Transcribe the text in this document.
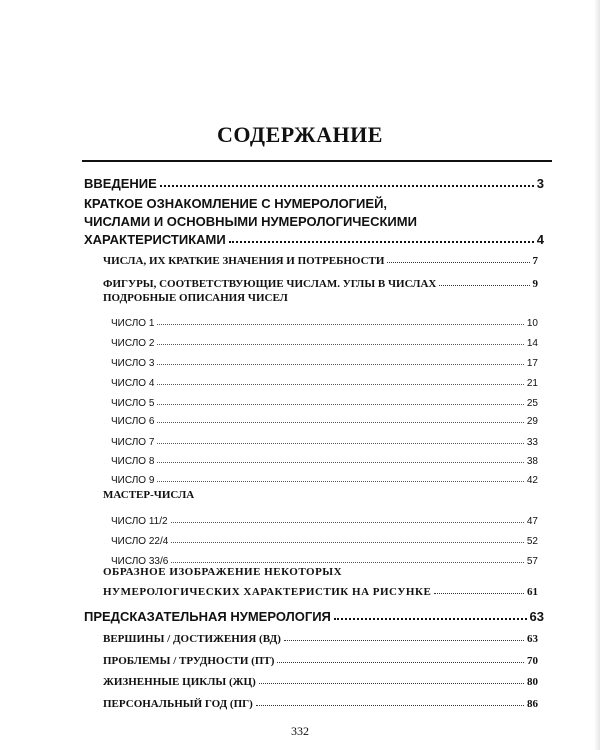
СОДЕРЖАНИЕ
ВВЕДЕНИЕ	3
КРАТКОЕ ОЗНАКОМЛЕНИЕ С НУМЕРОЛОГИЕЙ,
ЧИСЛАМИ И ОСНОВНЫМИ НУМЕРОЛОГИЧЕСКИМИ
ХАРАКТЕРИСТИКАМИ	4
ЧИСЛА, ИХ КРАТКИЕ ЗНАЧЕНИЯ И ПОТРЕБНОСТИ	7
ФИГУРЫ, СООТВЕТСТВУЮЩИЕ ЧИСЛАМ. УГЛЫ В ЧИСЛАХ	9
ПОДРОБНЫЕ ОПИСАНИЯ ЧИСЕЛ
ЧИСЛО 1	10
ЧИСЛО 2	14
ЧИСЛО 3	17
ЧИСЛО 4	21
ЧИСЛО 5	25
ЧИСЛО 6	29
ЧИСЛО 7	33
ЧИСЛО 8	38
ЧИСЛО 9	42
МАСТЕР-ЧИСЛА
ЧИСЛО 11/2	47
ЧИСЛО 22/4	52
ЧИСЛО 33/6	57
ОБРАЗНОЕ ИЗОБРАЖЕНИЕ НЕКОТОРЫХ
НУМЕРОЛОГИЧЕСКИХ ХАРАКТЕРИСТИК НА РИСУНКЕ	61
ПРЕДСКАЗАТЕЛЬНАЯ НУМЕРОЛОГИЯ	63
ВЕРШИНЫ / ДОСТИЖЕНИЯ (ВД)	63
ПРОБЛЕМЫ / ТРУДНОСТИ (ПТ)	70
ЖИЗНЕННЫЕ ЦИКЛЫ (ЖЦ)	80
ПЕРСОНАЛЬНЫЙ ГОД (ПГ)	86
332
